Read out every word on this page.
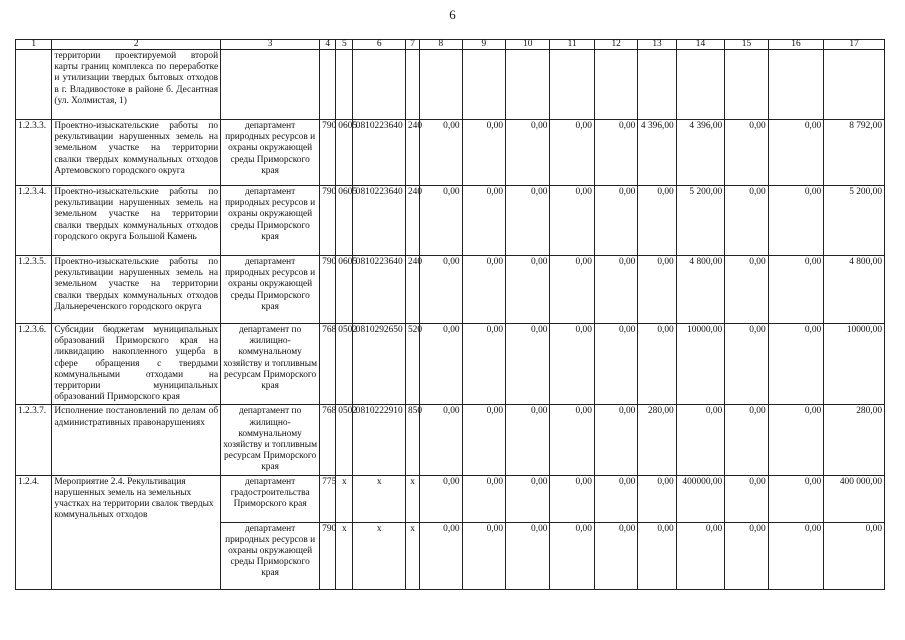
6
1	2	3	4	5	6	7	8	9	10	11	12	13	14	15	16	17
	территории проектируемой второй карты границ комплекса по переработке и утилизации твердых бытовых отходов в г. Владивостоке в районе б. Десантная (ул. Холмистая, 1)															
1.2.3.3.	Проектно-изыскательские работы по рекультивации нарушенных земель на земельном участке на территории свалки твердых коммунальных отходов Артемовского городского округа	департамент природных ресурсов и охраны окружающей среды Приморского края	790	0605	0810223640	240	0,00	0,00	0,00	0,00	0,00	4 396,00	4 396,00	0,00	0,00	8 792,00
1.2.3.4.	Проектно-изыскательские работы по рекультивации нарушенных земель на земельном участке на территории свалки твердых коммунальных отходов городского округа Большой Камень	департамент природных ресурсов и охраны окружающей среды Приморского края	790	0605	0810223640	240	0,00	0,00	0,00	0,00	0,00	0,00	5 200,00	0,00	0,00	5 200,00
1.2.3.5.	Проектно-изыскательские работы по рекультивации нарушенных земель на земельном участке на территории свалки твердых коммунальных отходов Дальнереченского городского округа	департамент природных ресурсов и охраны окружающей среды Приморского края	790	0605	0810223640	240	0,00	0,00	0,00	0,00	0,00	0,00	4 800,00	0,00	0,00	4 800,00
1.2.3.6.	Субсидии бюджетам муниципальных образований Приморского края на ликвидацию накопленного ущерба в сфере обращения с твердыми коммунальными отходами на территории муниципальных образований Приморского края	департамент по жилищно-коммунальному хозяйству и топливным ресурсам Приморского края	768	0502	0810292650	520	0,00	0,00	0,00	0,00	0,00	0,00	10000,00	0,00	0,00	10000,00
1.2.3.7.	Исполнение постановлений по делам об административных правонарушениях	департамент по жилищно-коммунальному хозяйству и топливным ресурсам Приморского края	768	0502	0810222910	850	0,00	0,00	0,00	0,00	0,00	280,00	0,00	0,00	0,00	280,00
1.2.4.	Мероприятие 2.4. Рекультивация нарушенных земель на земельных участках на территории свалок твердых коммунальных отходов	департамент градостроительства Приморского края	775	x	x	x	0,00	0,00	0,00	0,00	0,00	0,00	400000,00	0,00	0,00	400 000,00
		департамент природных ресурсов и охраны окружающей среды Приморского края	790	x	x	x	0,00	0,00	0,00	0,00	0,00	0,00	0,00	0,00	0,00	0,00
